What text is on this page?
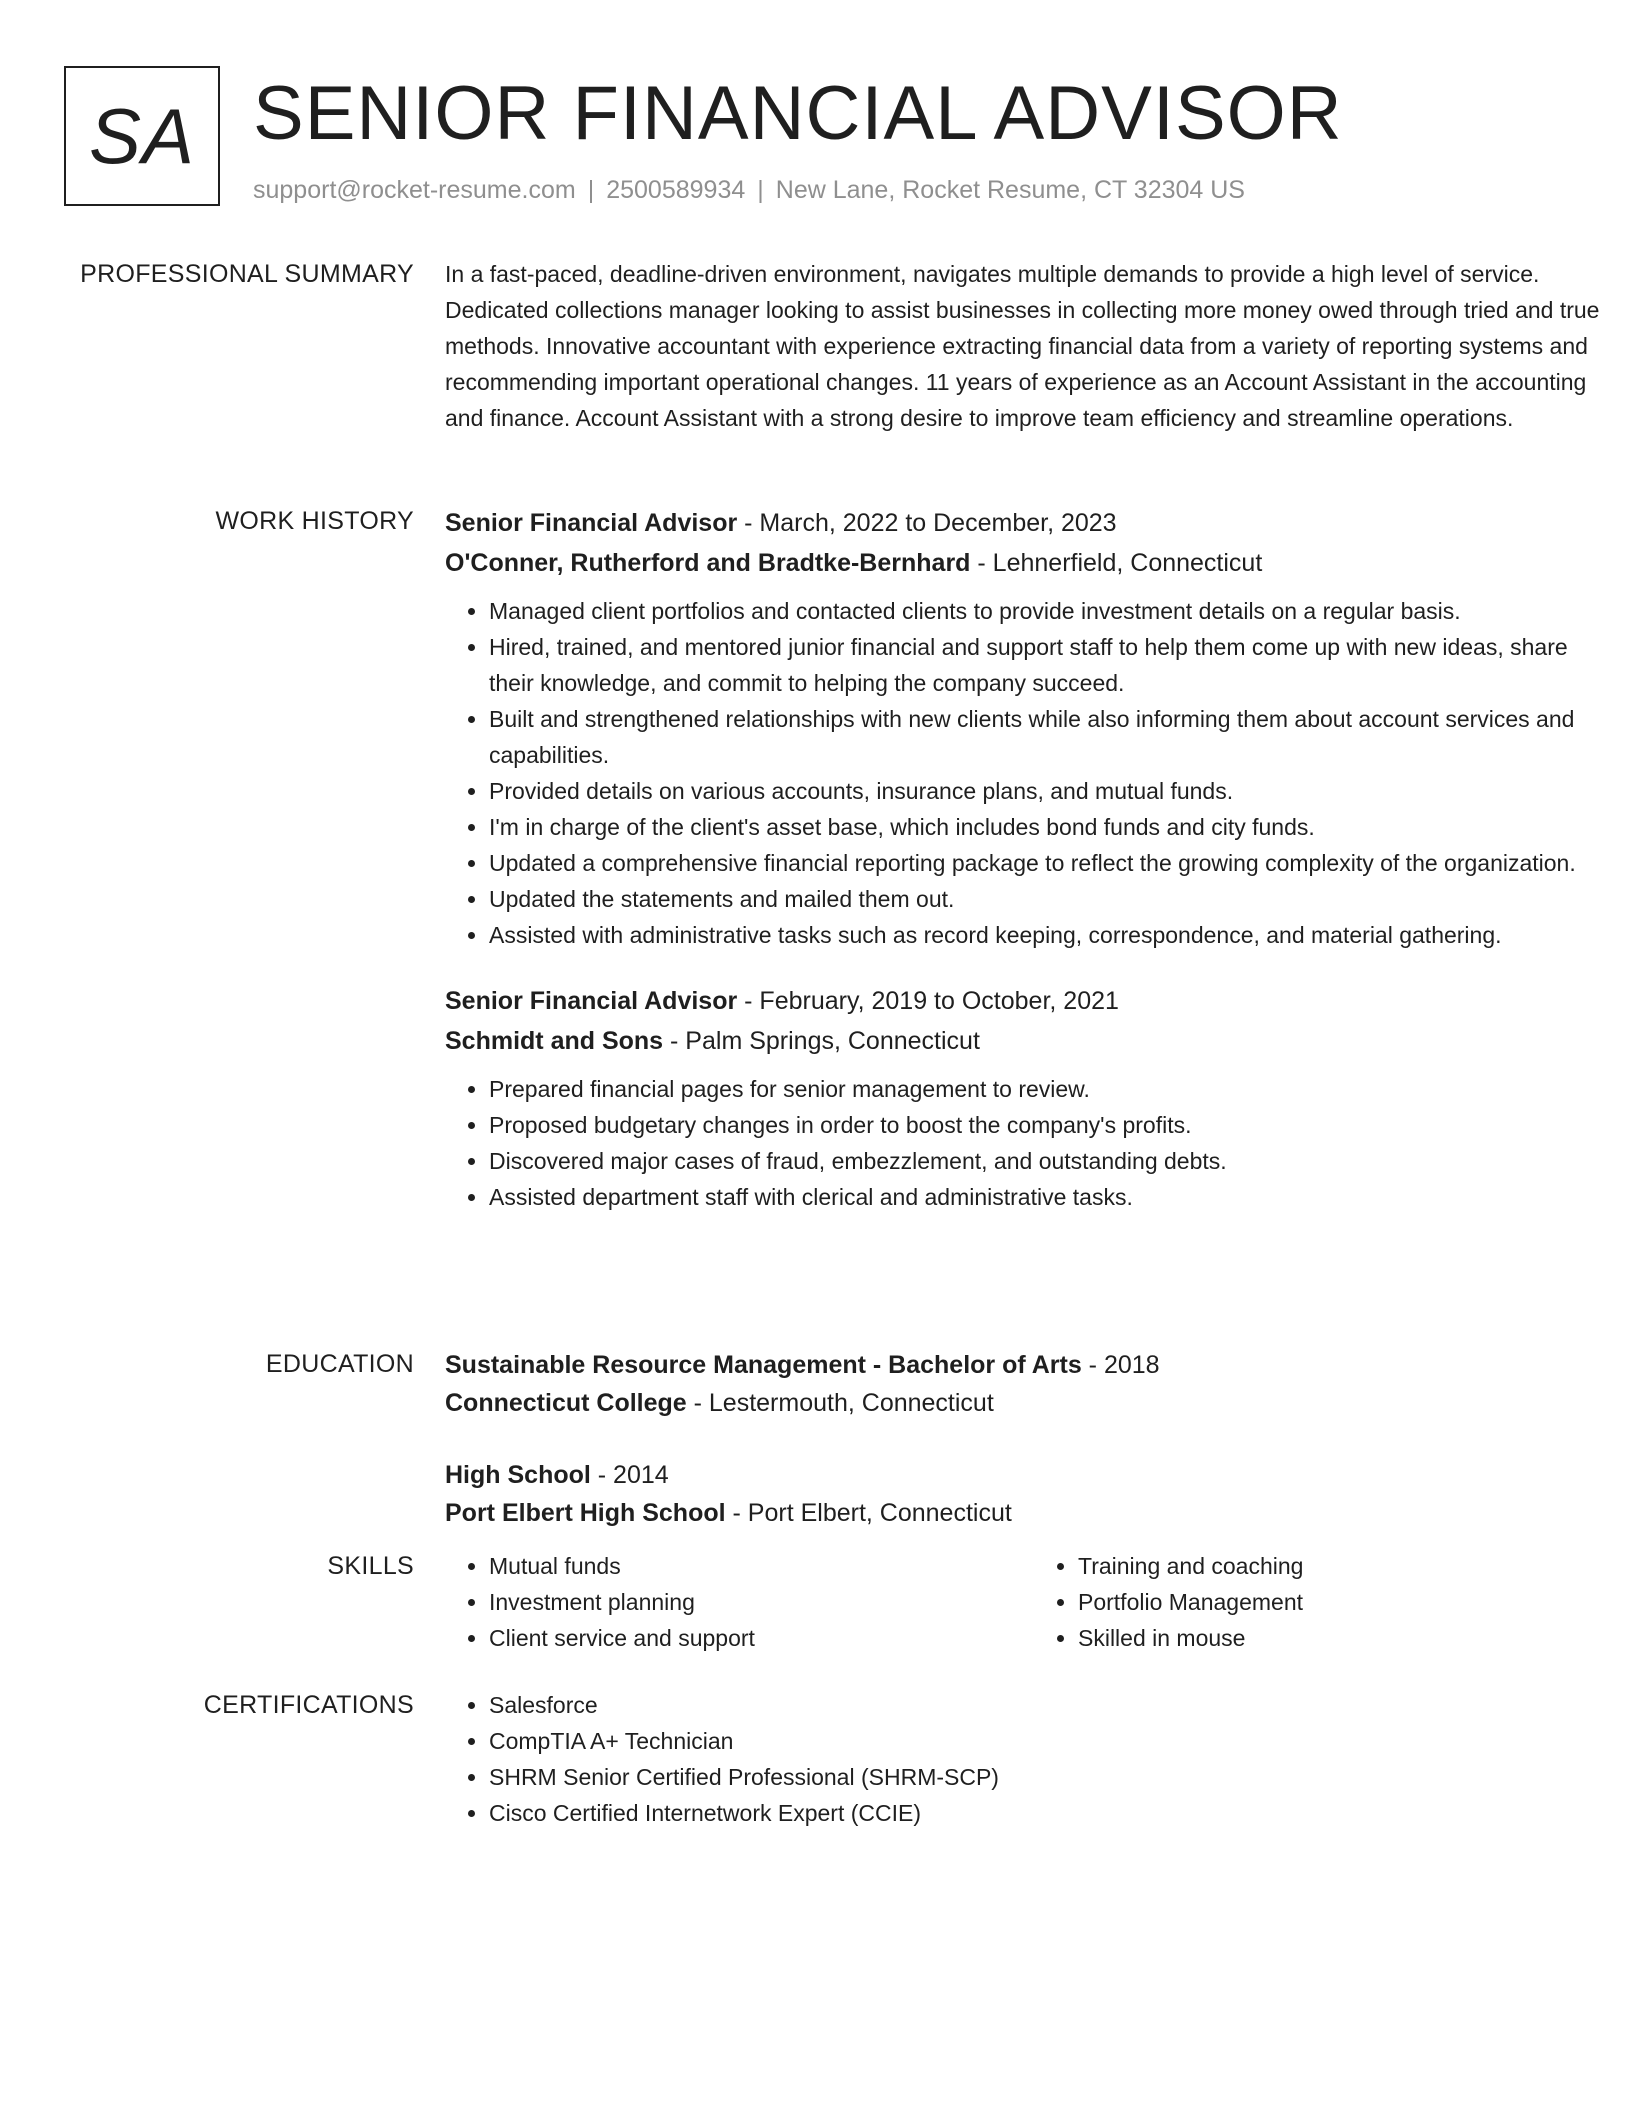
SA SENIOR FINANCIAL ADVISOR
support@rocket-resume.com | 2500589934 | New Lane, Rocket Resume, CT 32304 US
PROFESSIONAL SUMMARY In a fast-paced, deadline-driven environment, navigates multiple demands to provide a high level of service. Dedicated collections manager looking to assist businesses in collecting more money owed through tried and true methods. Innovative accountant with experience extracting financial data from a variety of reporting systems and recommending important operational changes. 11 years of experience as an Account Assistant in the accounting and finance. Account Assistant with a strong desire to improve team efficiency and streamline operations.

WORK HISTORY Senior Financial Advisor - March, 2022 to December, 2023
O'Conner, Rutherford and Bradtke-Bernhard - Lehnerfield, Connecticut
• Managed client portfolios and contacted clients to provide investment details on a regular basis.
• Hired, trained, and mentored junior financial and support staff to help them come up with new ideas, share their knowledge, and commit to helping the company succeed.
• Built and strengthened relationships with new clients while also informing them about account services and capabilities.
• Provided details on various accounts, insurance plans, and mutual funds.
• I'm in charge of the client's asset base, which includes bond funds and city funds.
• Updated a comprehensive financial reporting package to reflect the growing complexity of the organization.
• Updated the statements and mailed them out.
• Assisted with administrative tasks such as record keeping, correspondence, and material gathering.
Senior Financial Advisor - February, 2019 to October, 2021
Schmidt and Sons - Palm Springs, Connecticut
• Prepared financial pages for senior management to review.
• Proposed budgetary changes in order to boost the company's profits.
• Discovered major cases of fraud, embezzlement, and outstanding debts.
• Assisted department staff with clerical and administrative tasks.
EDUCATION Sustainable Resource Management - Bachelor of Arts - 2018
Connecticut College - Lestermouth, Connecticut
High School - 2014
Port Elbert High School - Port Elbert, Connecticut
SKILLS	• Mutual funds
• Investment planning
• Client service and support
• Training and coaching
• Portfolio Management
• Skilled in mouse
CERTIFICATIONS	• Salesforce
• CompTIA A+ Technician
• SHRM Senior Certified Professional (SHRM-SCP)
• Cisco Certified Internetwork Expert (CCIE)
